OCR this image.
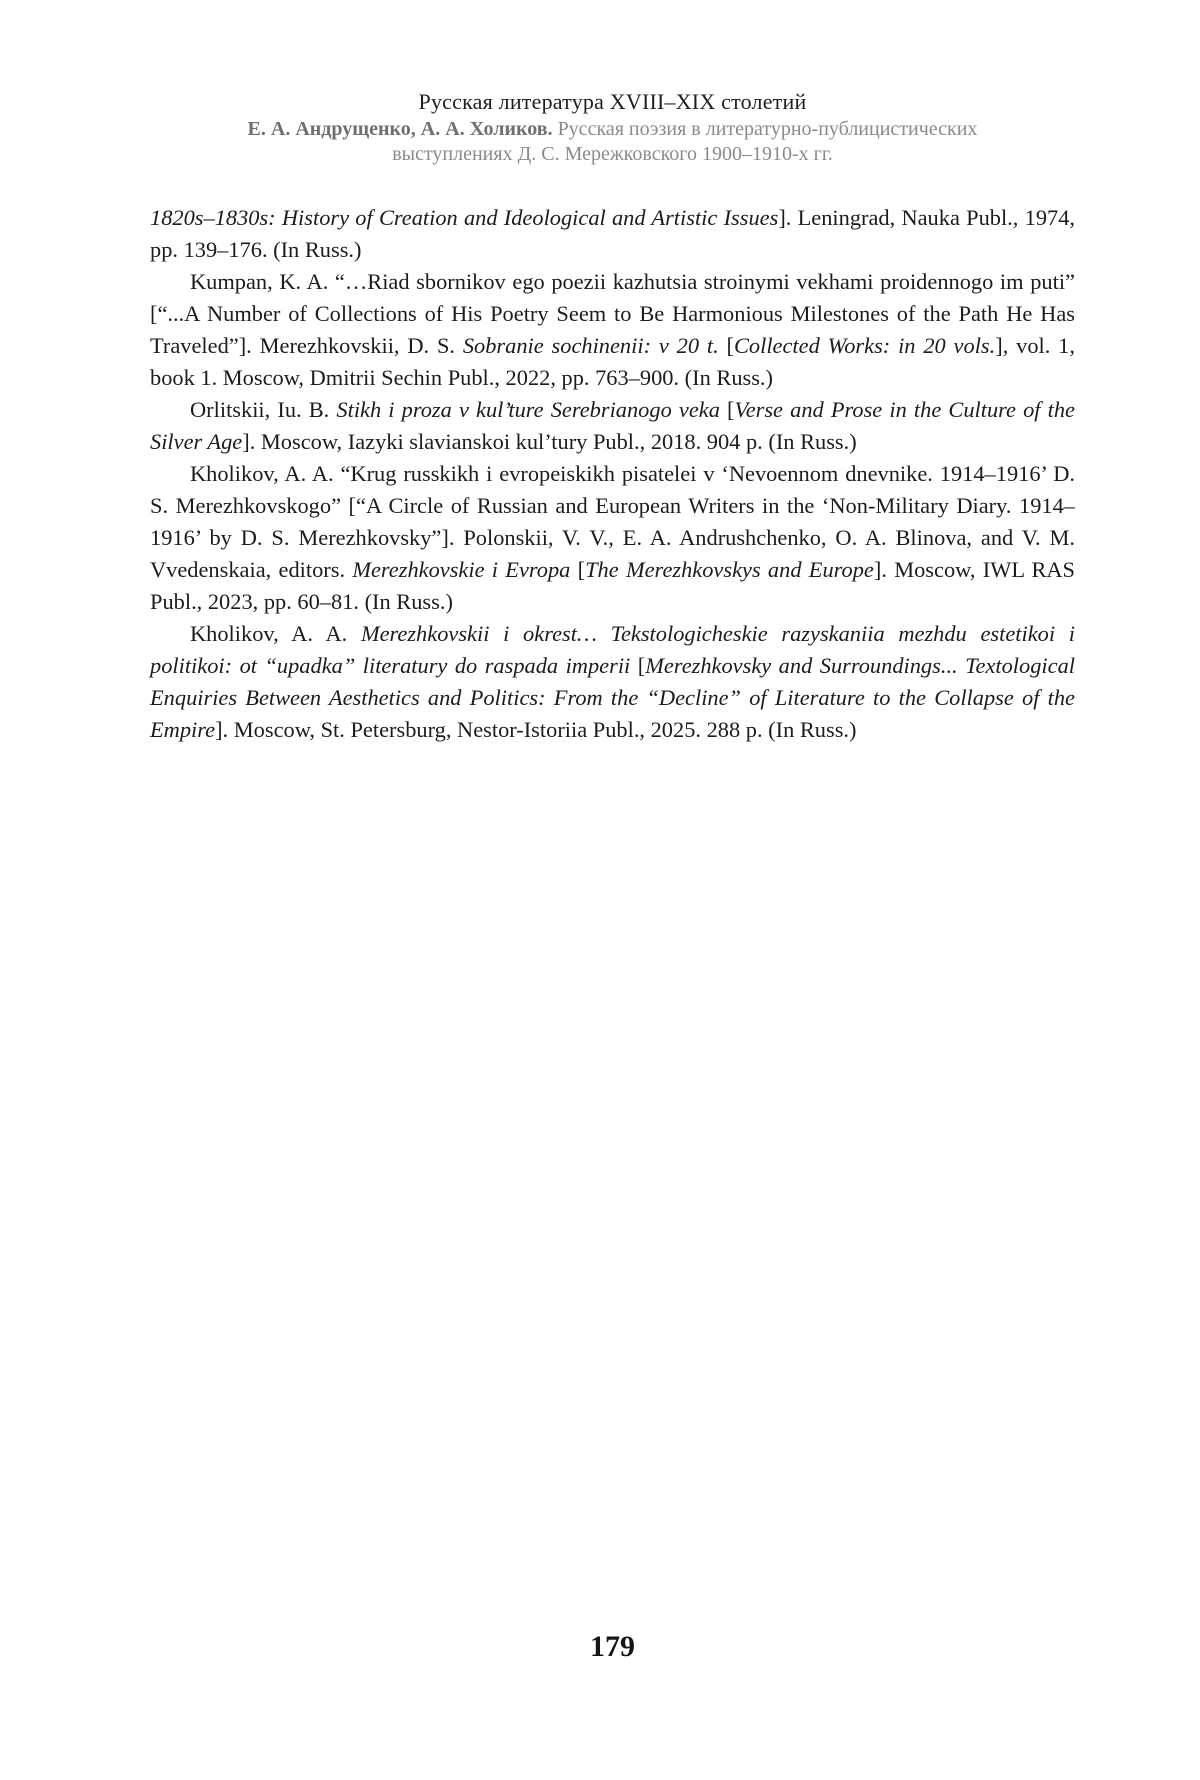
Русская литература XVIII–XIX столетий
Е. А. Андрущенко, А. А. Холиков. Русская поэзия в литературно-публицистических
выступлениях Д. С. Мережковского 1900–1910-х гг.

1820s–1830s: History of Creation and Ideological and Artistic Issues]. Leningrad, Nauka Publ., 1974, pp. 139–176. (In Russ.)

Kumpan, K. A. “…Riad sbornikov ego poezii kazhutsia stroinymi vekhami proidennogo im puti” [“...A Number of Collections of His Poetry Seem to Be Harmonious Milestones of the Path He Has Traveled”]. Merezhkovskii, D. S. Sobranie sochinenii: v 20 t. [Collected Works: in 20 vols.], vol. 1, book 1. Moscow, Dmitrii Sechin Publ., 2022, pp. 763–900. (In Russ.)

Orlitskii, Iu. B. Stikh i proza v kul’ture Serebrianogo veka [Verse and Prose in the Culture of the Silver Age]. Moscow, Iazyki slavianskoi kul’tury Publ., 2018. 904 p. (In Russ.)

Kholikov, A. A. “Krug russkikh i evropeiskikh pisatelei v ‘Nevoennom dnevnike. 1914–1916’ D. S. Merezhkovskogo” [“A Circle of Russian and European Writers in the ‘Non-Military Diary. 1914–1916’ by D. S. Merezhkovsky”]. Polonskii, V. V., E. A. Andrushchenko, O. A. Blinova, and V. M. Vvedenskaia, editors. Merezhkovskie i Evropa [The Merezhkovskys and Europe]. Moscow, IWL RAS Publ., 2023, pp. 60–81. (In Russ.)

Kholikov, A. A. Merezhkovskii i okrest… Tekstologicheskie razyskaniia mezhdu estetikoi i politikoi: ot “upadka” literatury do raspada imperii [Merezhkovsky and Surroundings... Textological Enquiries Between Aesthetics and Politics: From the “Decline” of Literature to the Collapse of the Empire]. Moscow, St. Petersburg, Nestor-Istoriia Publ., 2025. 288 p. (In Russ.)

179
